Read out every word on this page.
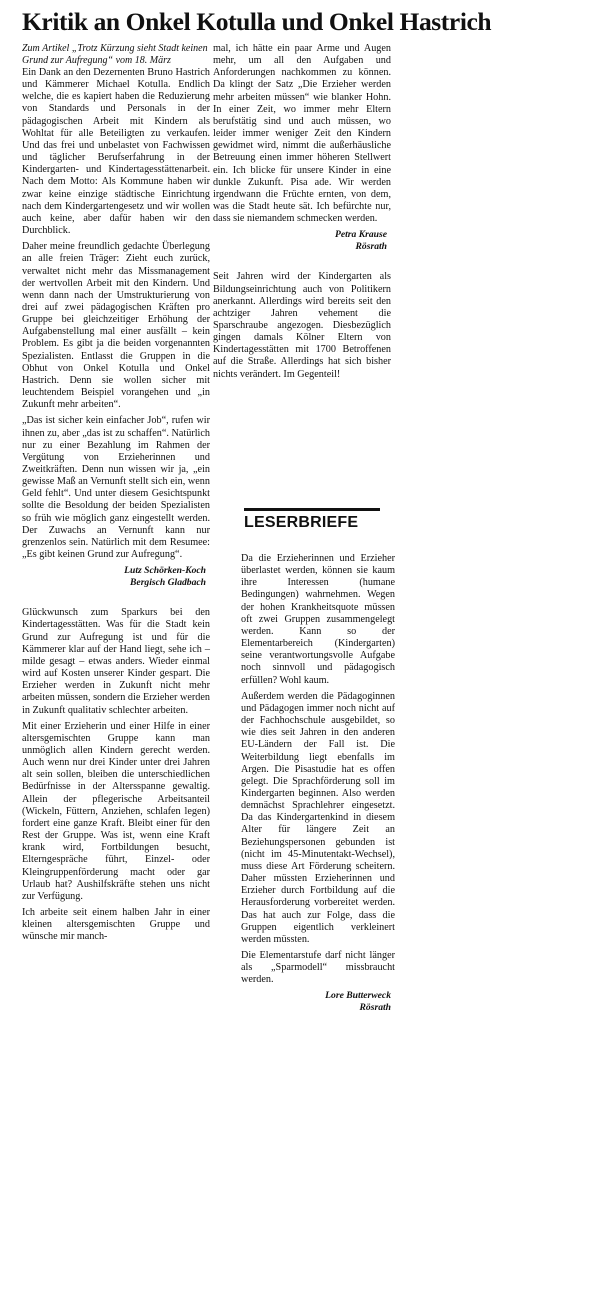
Kritik an Onkel Kotulla und Onkel Hastrich

Zum Artikel „Trotz Kürzung sieht Stadt keinen Grund zur Aufregung“ vom 18. März

Ein Dank an den Dezernenten Bruno Hastrich und Kämmerer Michael Kotulla. Endlich welche, die es kapiert haben die Reduzierung von Standards und Personals in der pädagogischen Arbeit mit Kindern als Wohltat für alle Beteiligten zu verkaufen. Und das frei und unbelastet von Fachwissen und täglicher Berufserfahrung in der Kindergarten- und Kindertagesstättenarbeit. Nach dem Motto: Als Kommune haben wir zwar keine einzige städtische Einrichtung nach dem Kindergartengesetz und wir wollen auch keine, aber dafür haben wir den Durchblick.

Daher meine freundlich gedachte Überlegung an alle freien Träger: Zieht euch zurück, verwaltet nicht mehr das Missmanagement der wertvollen Arbeit mit den Kindern. Und wenn dann nach der Umstrukturierung von drei auf zwei pädagogischen Kräften pro Gruppe bei gleichzeitiger Erhöhung der Aufgabenstellung mal einer ausfällt – kein Problem. Es gibt ja die beiden vorgenannten Spezialisten. Entlasst die Gruppen in die Obhut von Onkel Kotulla und Onkel Hastrich. Denn sie wollen sicher mit leuchtendem Beispiel vorangehen und „in Zukunft mehr arbeiten“.

„Das ist sicher kein einfacher Job“, rufen wir ihnen zu, aber „das ist zu schaffen“. Natürlich nur zu einer Bezahlung im Rahmen der Vergütung von Erzieherinnen und Zweitkräften. Denn nun wissen wir ja, „ein gewisse Maß an Vernunft stellt sich ein, wenn Geld fehlt“. Und unter diesem Gesichtspunkt sollte die Besoldung der beiden Spezialisten so früh wie möglich ganz eingestellt werden. Der Zuwachs an Vernunft kann nur grenzenlos sein. Natürlich mit dem Resumee: „Es gibt keinen Grund zur Aufregung“.

Lutz Schörken-Koch
Bergisch Gladbach

Glückwunsch zum Sparkurs bei den Kindertagesstätten. Was für die Stadt kein Grund zur Aufregung ist und für die Kämmerer klar auf der Hand liegt, sehe ich – milde gesagt – etwas anders. Wieder einmal wird auf Kosten unserer Kinder gespart. Die Erzieher werden in Zukunft nicht mehr arbeiten müssen, sondern die Erzieher werden in Zukunft qualitativ schlechter arbeiten.

Mit einer Erzieherin und einer Hilfe in einer altersgemischten Gruppe kann man unmöglich allen Kindern gerecht werden. Auch wenn nur drei Kinder unter drei Jahren alt sein sollen, bleiben die unterschiedlichen Bedürfnisse in der Altersspanne gewaltig. Allein der pflegerische Arbeitsanteil (Wickeln, Füttern, Anziehen, schlafen legen) fordert eine ganze Kraft. Bleibt einer für den Rest der Gruppe. Was ist, wenn eine Kraft krank wird, Fortbildungen besucht, Elterngespräche führt, Einzel- oder Kleingruppenförderung macht oder gar Urlaub hat? Aushilfskräfte stehen uns nicht zur Verfügung.

Ich arbeite seit einem halben Jahr in einer kleinen altersgemischten Gruppe und wünsche mir manch-

mal, ich hätte ein paar Arme und Augen mehr, um all den Aufgaben und Anforderungen nachkommen zu können. Da klingt der Satz „Die Erzieher werden mehr arbeiten müssen“ wie blanker Hohn. In einer Zeit, wo immer mehr Eltern berufstätig sind und auch müssen, wo leider immer weniger Zeit den Kindern gewidmet wird, nimmt die außerhäusliche Betreuung einen immer höheren Stellwert ein. Ich blicke für unsere Kinder in eine dunkle Zukunft. Pisa ade. Wir werden irgendwann die Früchte ernten, von dem, was die Stadt heute sät. Ich befürchte nur, dass sie niemandem schmecken werden.

Petra Krause
Rösrath

Seit Jahren wird der Kindergarten als Bildungseinrichtung auch von Politikern anerkannt. Allerdings wird bereits seit den achtziger Jahren vehement die Sparschraube angezogen. Diesbezüglich gingen damals Kölner Eltern von Kindertagesstätten mit 1700 Betroffenen auf die Straße. Allerdings hat sich bisher nichts verändert. Im Gegenteil!

LESERBRIEFE

Da die Erzieherinnen und Erzieher überlastet werden, können sie kaum ihre Interessen (humane Bedingungen) wahrnehmen. Wegen der hohen Krankheitsquote müssen oft zwei Gruppen zusammengelegt werden. Kann so der Elementarbereich (Kindergarten) seine verantwortungsvolle Aufgabe noch sinnvoll und pädagogisch erfüllen? Wohl kaum.

Außerdem werden die Pädagoginnen und Pädagogen immer noch nicht auf der Fachhochschule ausgebildet, so wie dies seit Jahren in den anderen EU-Ländern der Fall ist. Die Weiterbildung liegt ebenfalls im Argen. Die Pisastudie hat es offen gelegt. Die Sprachförderung soll im Kindergarten beginnen. Also werden demnächst Sprachlehrer eingesetzt. Da das Kindergartenkind in diesem Alter für längere Zeit an Beziehungspersonen gebunden ist (nicht im 45-Minutentakt-Wechsel), muss diese Art Förderung scheitern. Daher müssten Erzieherinnen und Erzieher durch Fortbildung auf die Herausforderung vorbereitet werden. Das hat auch zur Folge, dass die Gruppen eigentlich verkleinert werden müssten.

Die Elementarstufe darf nicht länger als „Sparmodell“ missbraucht werden.

Lore Butterweck
Rösrath
